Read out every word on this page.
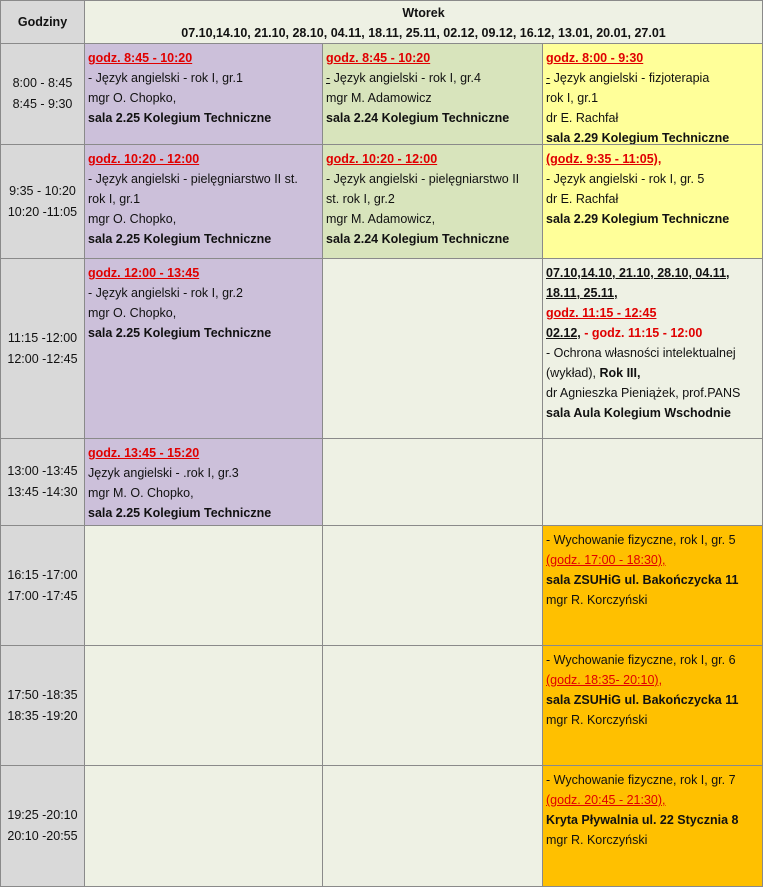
Godziny
Wtorek
07.10,14.10, 21.10, 28.10, 04.11, 18.11, 25.11, 02.12, 09.12, 16.12, 13.01, 20.01, 27.01
8:00 - 8:45
8:45 - 9:30
9:35 - 10:20
10:20 -11:05
11:15 -12:00
12:00 -12:45
13:00 -13:45
13:45 -14:30
16:15 -17:00
17:00 -17:45
17:50 -18:35
18:35 -19:20
19:25 -20:10
20:10 -20:55
godz. 8:45 - 10:20
- Język angielski - rok I, gr.1
mgr O. Chopko,
sala 2.25 Kolegium Techniczne
godz. 8:45 - 10:20
- Język angielski - rok I, gr.4
mgr M. Adamowicz
sala 2.24 Kolegium Techniczne
godz. 8:00 - 9:30
- Język angielski - fizjoterapia
rok I, gr.1
dr E. Rachfał
sala 2.29 Kolegium Techniczne
godz. 10:20 - 12:00
- Język angielski - pielęgniarstwo II st.
rok I, gr.1
mgr O. Chopko,
sala 2.25 Kolegium Techniczne
godz. 10:20 - 12:00
- Język angielski - pielęgniarstwo II
st. rok I, gr.2
mgr M. Adamowicz,
sala 2.24 Kolegium Techniczne
(godz. 9:35 - 11:05),
- Język angielski - rok I, gr. 5
dr E. Rachfał
sala 2.29 Kolegium Techniczne
godz. 12:00 - 13:45
- Język angielski - rok I, gr.2
mgr O. Chopko,
sala 2.25 Kolegium Techniczne
07.10,14.10, 21.10, 28.10, 04.11,
18.11, 25.11,
godz. 11:15 - 12:45
02.12, - godz. 11:15 - 12:00
- Ochrona własności intelektualnej
(wykład), Rok III,
dr Agnieszka Pieniążek, prof.PANS
sala Aula Kolegium Wschodnie
godz. 13:45 - 15:20
Język angielski - .rok I, gr.3
mgr M. O. Chopko,
sala 2.25 Kolegium Techniczne
- Wychowanie fizyczne, rok I, gr. 5
(godz. 17:00 - 18:30),
sala ZSUHiG ul. Bakończycka 11
mgr R. Korczyński
- Wychowanie fizyczne, rok I, gr. 6
(godz. 18:35- 20:10),
sala ZSUHiG ul. Bakończycka 11
mgr R. Korczyński
- Wychowanie fizyczne, rok I, gr. 7
(godz. 20:45 - 21:30),
Kryta Pływalnia ul. 22 Stycznia 8
mgr R. Korczyński
